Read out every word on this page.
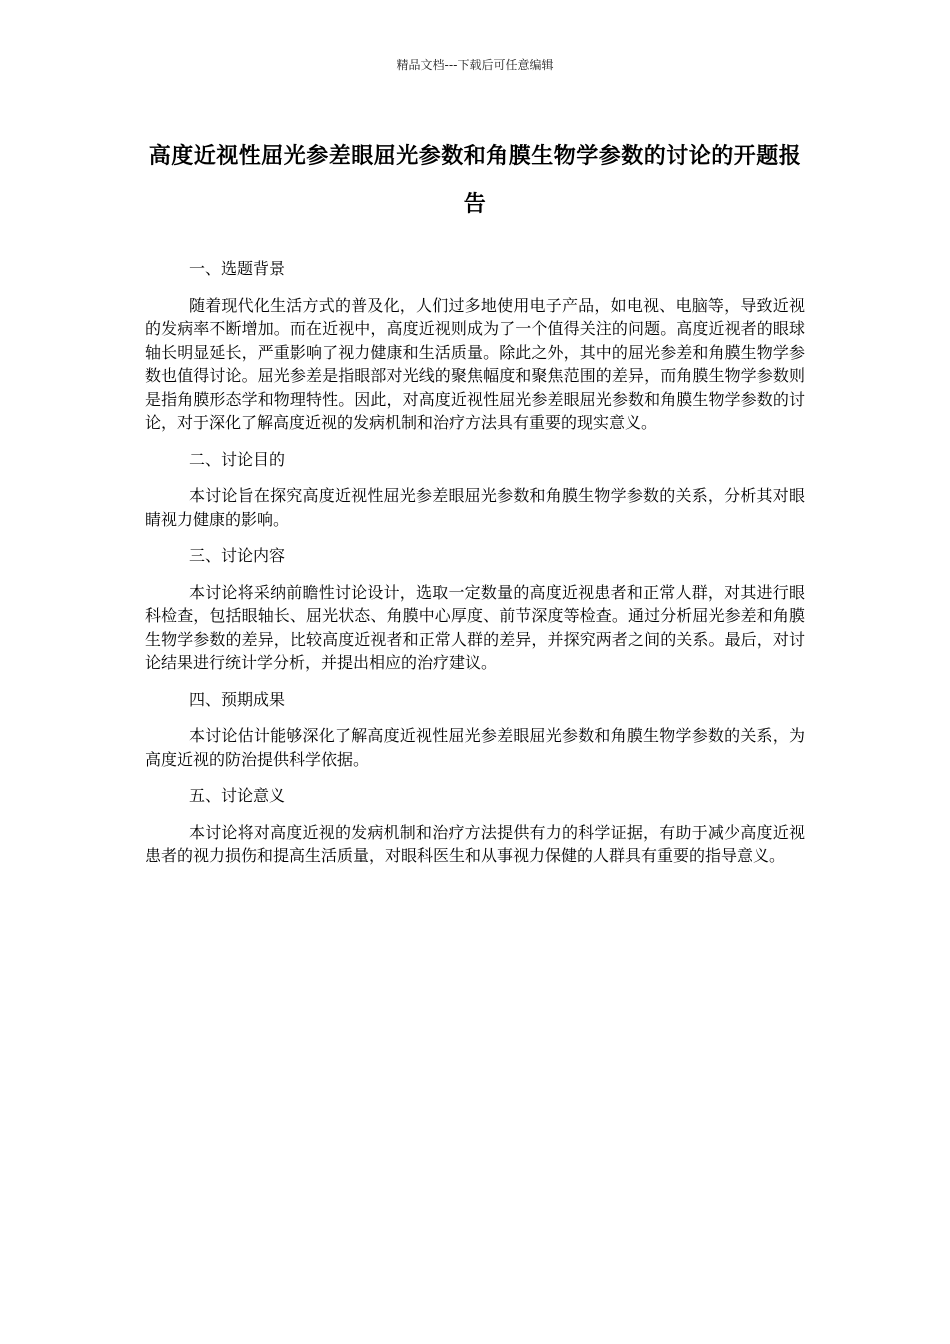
精品文档---下载后可任意编辑
高度近视性屈光参差眼屈光参数和角膜生物学参数的讨论的开题报告

一、选题背景

随着现代化生活方式的普及化，人们过多地使用电子产品，如电视、电脑等，导致近视的发病率不断增加。而在近视中，高度近视则成为了一个值得关注的问题。高度近视者的眼球轴长明显延长，严重影响了视力健康和生活质量。除此之外，其中的屈光参差和角膜生物学参数也值得讨论。屈光参差是指眼部对光线的聚焦幅度和聚焦范围的差异，而角膜生物学参数则是指角膜形态学和物理特性。因此，对高度近视性屈光参差眼屈光参数和角膜生物学参数的讨论，对于深化了解高度近视的发病机制和治疗方法具有重要的现实意义。

二、讨论目的

本讨论旨在探究高度近视性屈光参差眼屈光参数和角膜生物学参数的关系，分析其对眼睛视力健康的影响。

三、讨论内容

本讨论将采纳前瞻性讨论设计，选取一定数量的高度近视患者和正常人群，对其进行眼科检查，包括眼轴长、屈光状态、角膜中心厚度、前节深度等检查。通过分析屈光参差和角膜生物学参数的差异，比较高度近视者和正常人群的差异，并探究两者之间的关系。最后，对讨论结果进行统计学分析，并提出相应的治疗建议。

四、预期成果

本讨论估计能够深化了解高度近视性屈光参差眼屈光参数和角膜生物学参数的关系，为高度近视的防治提供科学依据。

五、讨论意义

本讨论将对高度近视的发病机制和治疗方法提供有力的科学证据，有助于减少高度近视患者的视力损伤和提高生活质量，对眼科医生和从事视力保健的人群具有重要的指导意义。
